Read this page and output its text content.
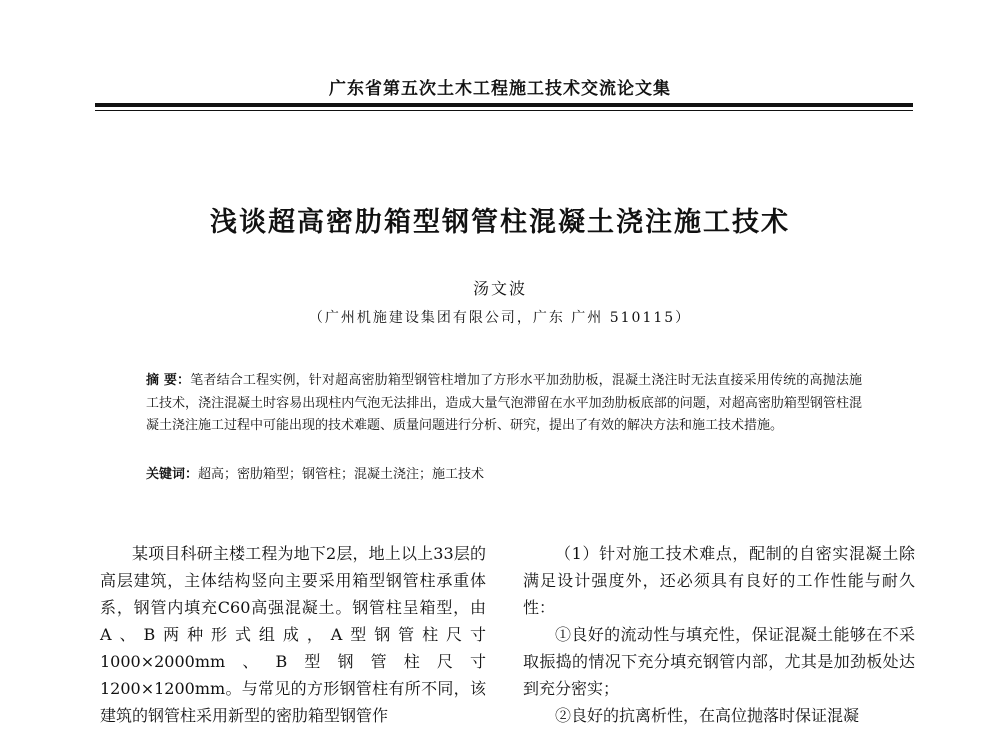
广东省第五次土木工程施工技术交流论文集
浅谈超高密肋箱型钢管柱混凝土浇注施工技术
汤文波
（广州机施建设集团有限公司，广东 广州 510115）
摘 要：笔者结合工程实例，针对超高密肋箱型钢管柱增加了方形水平加劲肋板，混凝土浇注时无法直接采用传统的高抛法施工技术，浇注混凝土时容易出现柱内气泡无法排出，造成大量气泡滞留在水平加劲肋板底部的问题，对超高密肋箱型钢管柱混凝土浇注施工过程中可能出现的技术难题、质量问题进行分析、研究，提出了有效的解决方法和施工技术措施。
关键词：超高；密肋箱型；钢管柱；混凝土浇注；施工技术

某项目科研主楼工程为地下2层，地上以上33层的高层建筑，主体结构竖向主要采用箱型钢管柱承重体系，钢管内填充C60高强混凝土。钢管柱呈箱型，由A、B两种形式组成，A型钢管柱尺寸1000×2000mm、B型钢管柱尺寸1200×1200mm。与常见的方形钢管柱有所不同，该建筑的钢管柱采用新型的密肋箱型钢管作

（1）针对施工技术难点，配制的自密实混凝土除满足设计强度外，还必须具有良好的工作性能与耐久性：

①良好的流动性与填充性，保证混凝土能够在不采取振捣的情况下充分填充钢管内部，尤其是加劲板处达到充分密实；

②良好的抗离析性，在高位抛落时保证混凝
